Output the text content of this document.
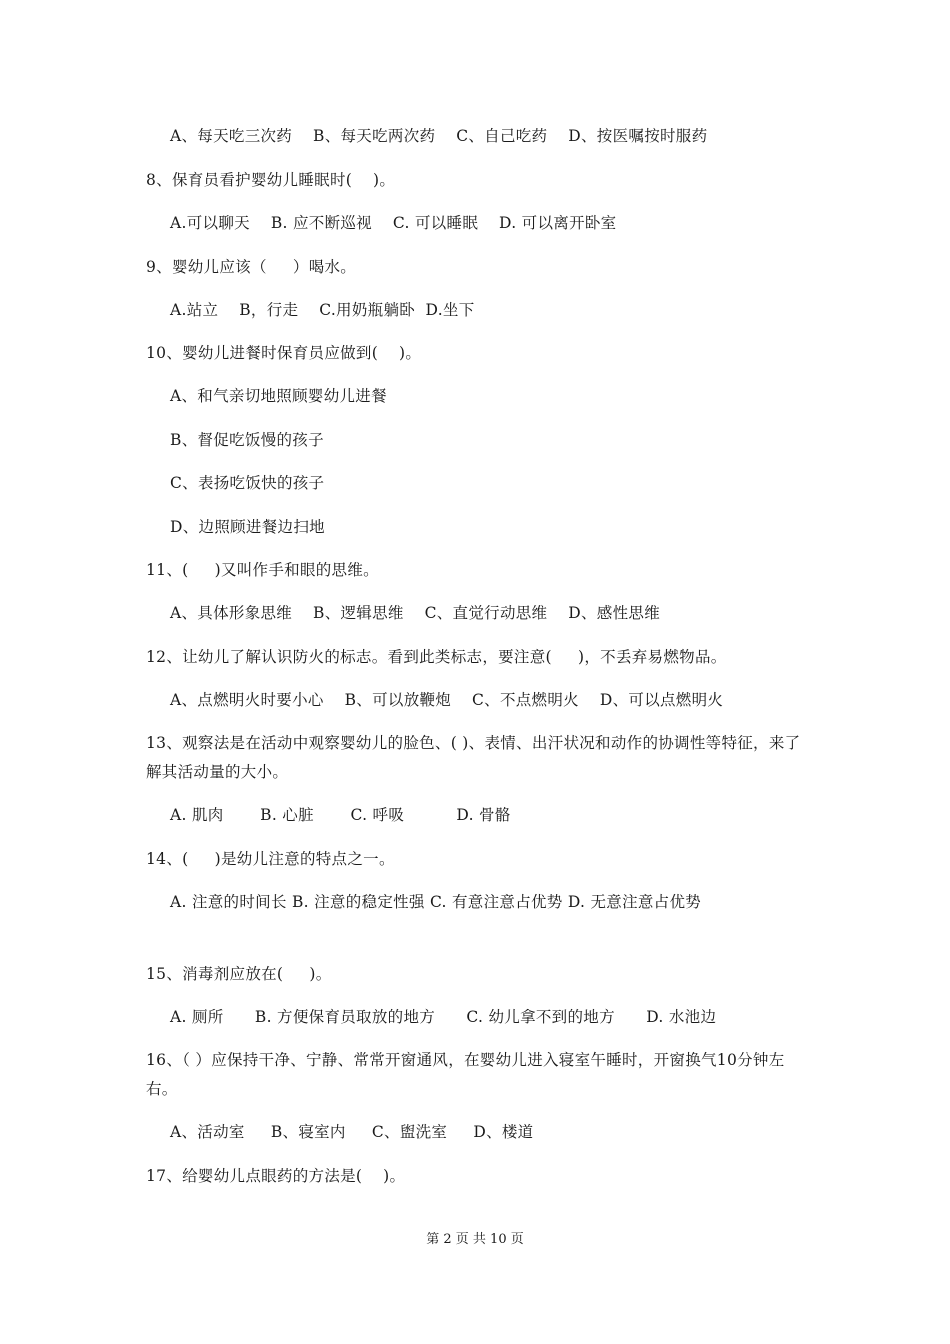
A、每天吃三次药    B、每天吃两次药    C、自己吃药    D、按医嘱按时服药
8、保育员看护婴幼儿睡眠时(    )。
A.可以聊天    B. 应不断巡视    C. 可以睡眠    D. 可以离开卧室
9、婴幼儿应该（     ）喝水。
A.站立    B，行走    C.用奶瓶躺卧  D.坐下
10、婴幼儿进餐时保育员应做到(    )。
A、和气亲切地照顾婴幼儿进餐
B、督促吃饭慢的孩子
C、表扬吃饭快的孩子
D、边照顾进餐边扫地
11、(     )又叫作手和眼的思维。
A、具体形象思维    B、逻辑思维    C、直觉行动思维    D、感性思维
12、让幼儿了解认识防火的标志。看到此类标志，要注意(     )，不丢弃易燃物品。
A、点燃明火时要小心    B、可以放鞭炮    C、不点燃明火    D、可以点燃明火
13、观察法是在活动中观察婴幼儿的脸色、( )、表情、出汗状况和动作的协调性等特征，来了解其活动量的大小。
A. 肌肉       B. 心脏       C. 呼吸          D. 骨骼
14、(     )是幼儿注意的特点之一。
A. 注意的时间长 B. 注意的稳定性强 C. 有意注意占优势 D. 无意注意占优势
15、消毒剂应放在(     )。
A. 厕所      B. 方便保育员取放的地方      C. 幼儿拿不到的地方      D. 水池边
16、（ ）应保持干净、宁静、常常开窗通风，在婴幼儿进入寝室午睡时，开窗换气10分钟左右。
A、活动室     B、寝室内     C、盥洗室     D、楼道
17、给婴幼儿点眼药的方法是(    )。
第 2 页 共 10 页
